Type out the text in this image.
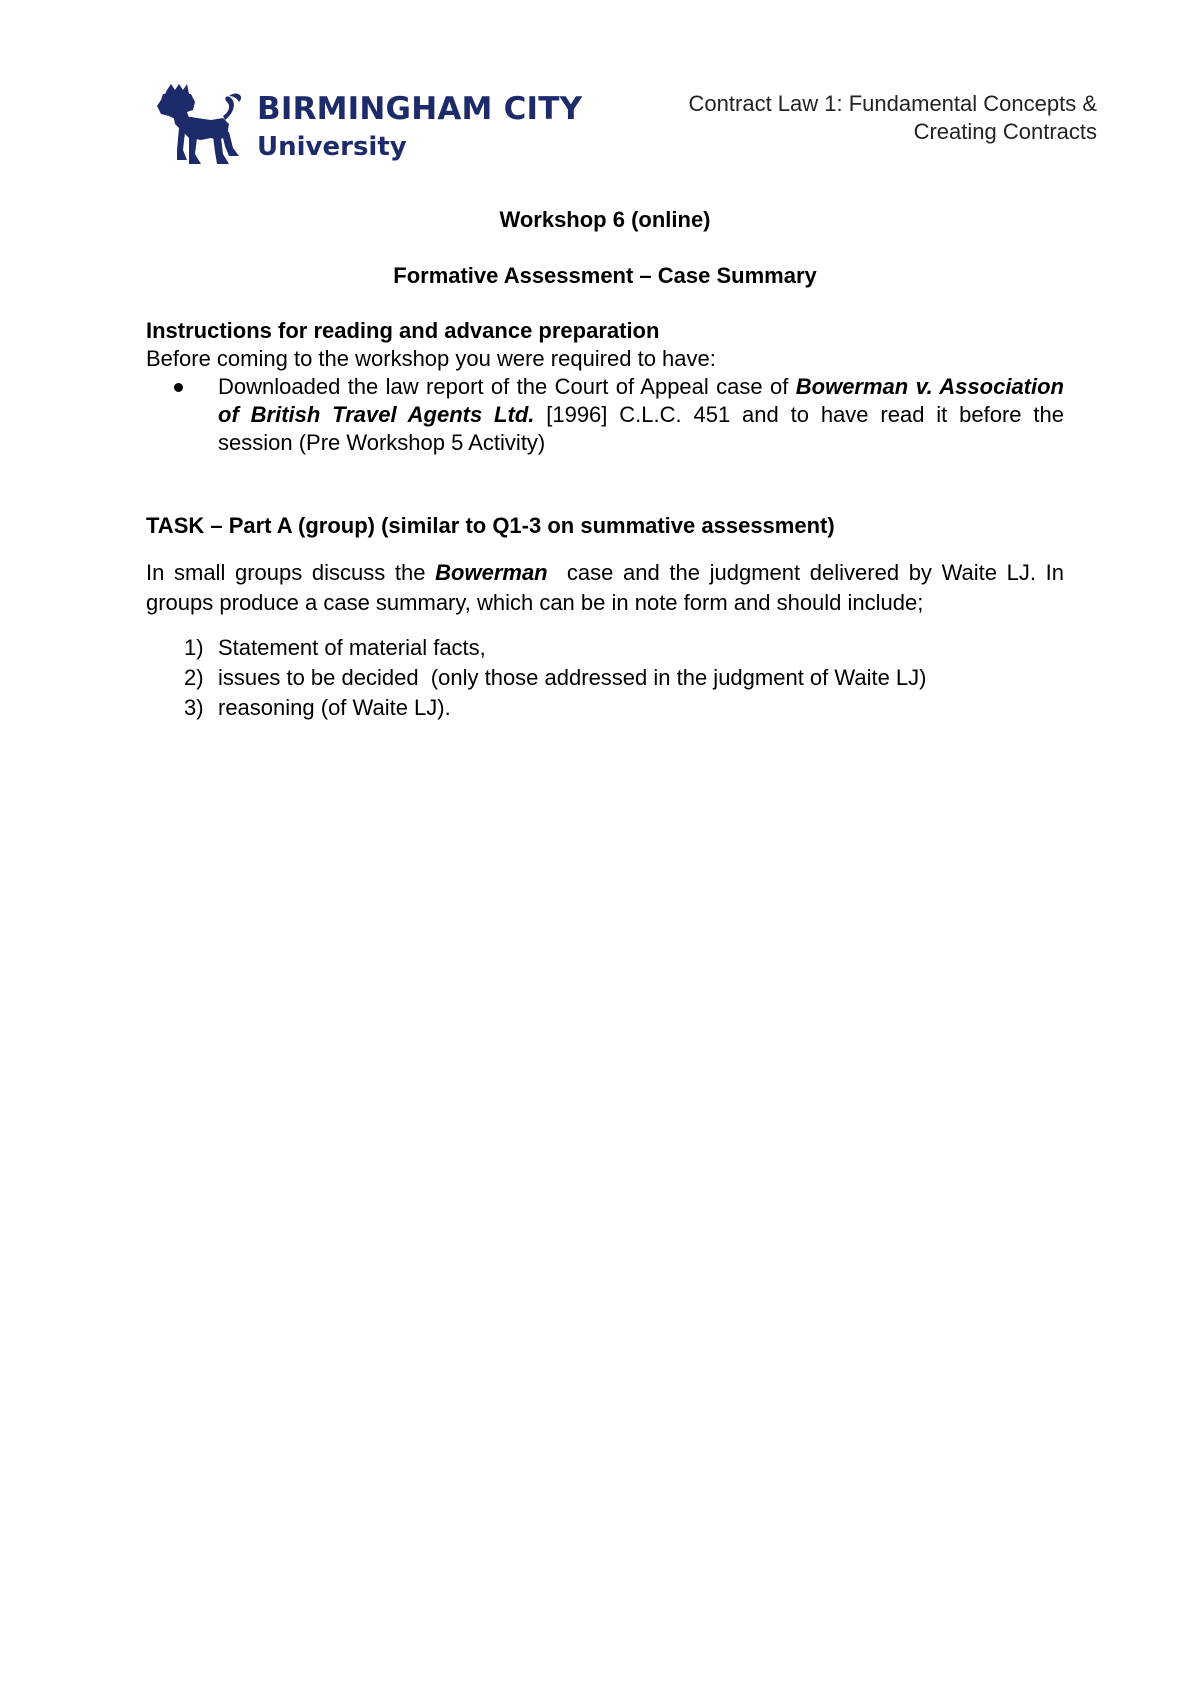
BIRMINGHAM CITY
University
Contract Law 1: Fundamental Concepts &
Creating Contracts

Workshop 6 (online)

Formative Assessment – Case Summary

Instructions for reading and advance preparation

Before coming to the workshop you were required to have:

Downloaded the law report of the Court of Appeal case of Bowerman v. Association of British Travel Agents Ltd. [1996] C.L.C. 451 and to have read it before the session (Pre Workshop 5 Activity)

TASK – Part A (group) (similar to Q1-3 on summative assessment)

In small groups discuss the Bowerman  case and the judgment delivered by Waite LJ. In groups produce a case summary, which can be in note form and should include;

1) Statement of material facts,
2) issues to be decided  (only those addressed in the judgment of Waite LJ)
3) reasoning (of Waite LJ).
